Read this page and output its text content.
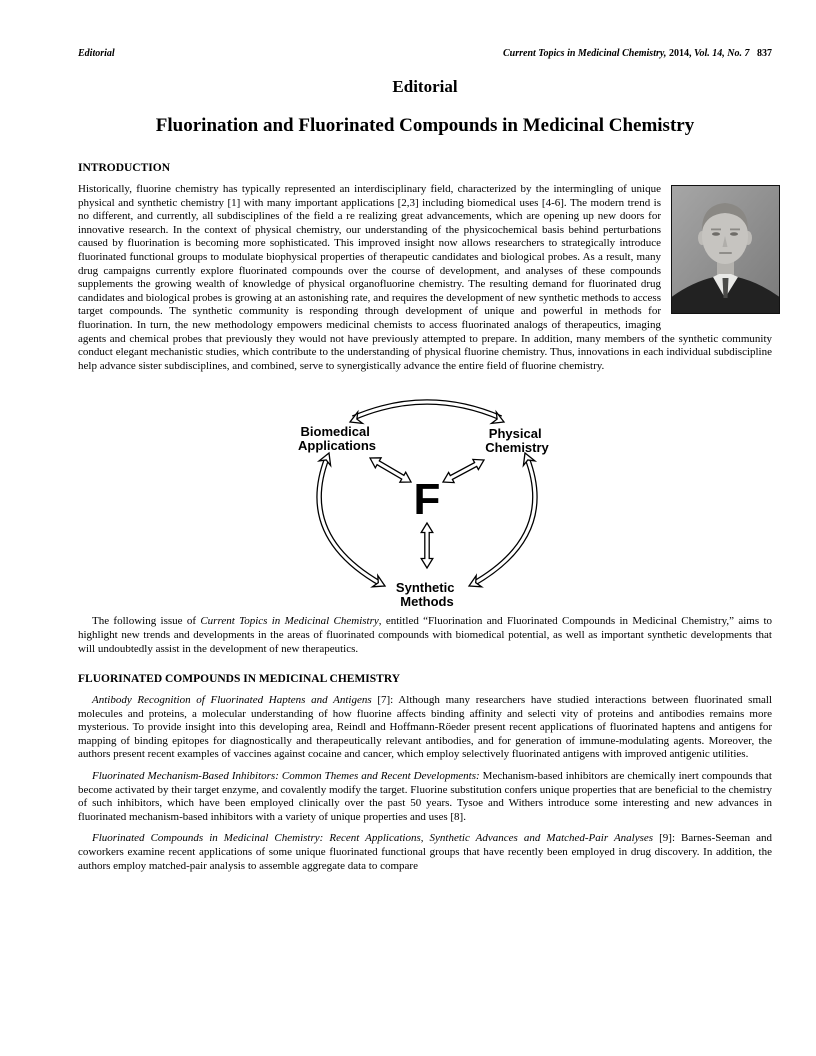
Editorial	Current Topics in Medicinal Chemistry, 2014, Vol. 14, No. 7  837
Editorial
Fluorination and Fluorinated Compounds in Medicinal Chemistry
INTRODUCTION
Historically, fluorine chemistry has typically represented an interdisciplinary field, characterized by the intermingling of unique physical and synthetic chemistry [1] with many important applications [2,3] including biomedical uses [4-6]. The modern trend is no different, and currently, all subdisciplines of the field a re realizing great advancements, which are opening up new doors for innovative research. In the context of physical chemistry, our understanding of the physicochemical basis behind perturbations caused by fluorination is becoming more sophisticated. This improved insight now allows researchers to strategically introduce fluorinated functional groups to modulate biophysical properties of therapeutic candidates and biological probes. As a result, many drug campaigns currently explore fluorinated compounds over the course of development, and analyses of these compounds supplements the growing wealth of knowledge of physical organofluorine chemistry. The resulting demand for fluorinated drug candidates and biological probes is growing at an astonishing rate, and requires the development of new synthetic methods to access target compounds. The synthetic community is responding through development of unique and powerful in methods for fluorination. In turn, the new methodology empowers medicinal chemists to access fluorinated analogs of therapeutics, imaging agents and chemical probes that previously they would not have previously attempted to prepare. In addition, many members of the synthetic community conduct elegant mechanistic studies, which contribute to the understanding of physical fluorine chemistry. Thus, innovations in each individual subdiscipline help advance sister subdisciplines, and combined, serve to synergistically advance the entire field of fluorine chemistry.
Biomedical Applications
Physical Chemistry
F
Synthetic Methods
The following issue of Current Topics in Medicinal Chemistry, entitled “Fluorination and Fluorinated Compounds in Medicinal Chemistry,” aims to highlight new trends and developments in the areas of fluorinated compounds with biomedical potential, as well as important synthetic developments that will undoubtedly assist in the development of new therapeutics.
FLUORINATED COMPOUNDS IN MEDICINAL CHEMISTRY
Antibody Recognition of Fluorinated Haptens and Antigens [7]: Although many researchers have studied interactions between fluorinated small molecules and proteins, a molecular understanding of how fluorine affects binding affinity and selecti vity of proteins and antibodies remains more mysterious. To provide insight into this developing area, Reindl and Hoffmann-Röeder present recent applications of fluorinated haptens and antigens for mapping of binding epitopes for diagnostically and therapeutically relevant antibodies, and for generation of immune-modulating agents. Moreover, the authors present recent examples of vaccines against cocaine and cancer, which employ selectively fluorinated antigens with improved antigenic utilities.
Fluorinated Mechanism-Based Inhibitors: Common Themes and Recent Developments: Mechanism-based inhibitors are chemically inert compounds that become activated by their target enzyme, and covalently modify the target. Fluorine substitution confers unique properties that are beneficial to the chemistry of such inhibitors, which have been employed clinically over the past 50 years. Tysoe and Withers introduce some interesting and new advances in fluorinated mechanism-based inhibitors with a variety of unique properties and uses [8].
Fluorinated Compounds in Medicinal Chemistry: Recent Applications, Synthetic Advances and Matched-Pair Analyses [9]: Barnes-Seeman and coworkers examine recent applications of some unique fluorinated functional groups that have recently been employed in drug discovery. In addition, the authors employ matched-pair analysis to assemble aggregate data to compare
